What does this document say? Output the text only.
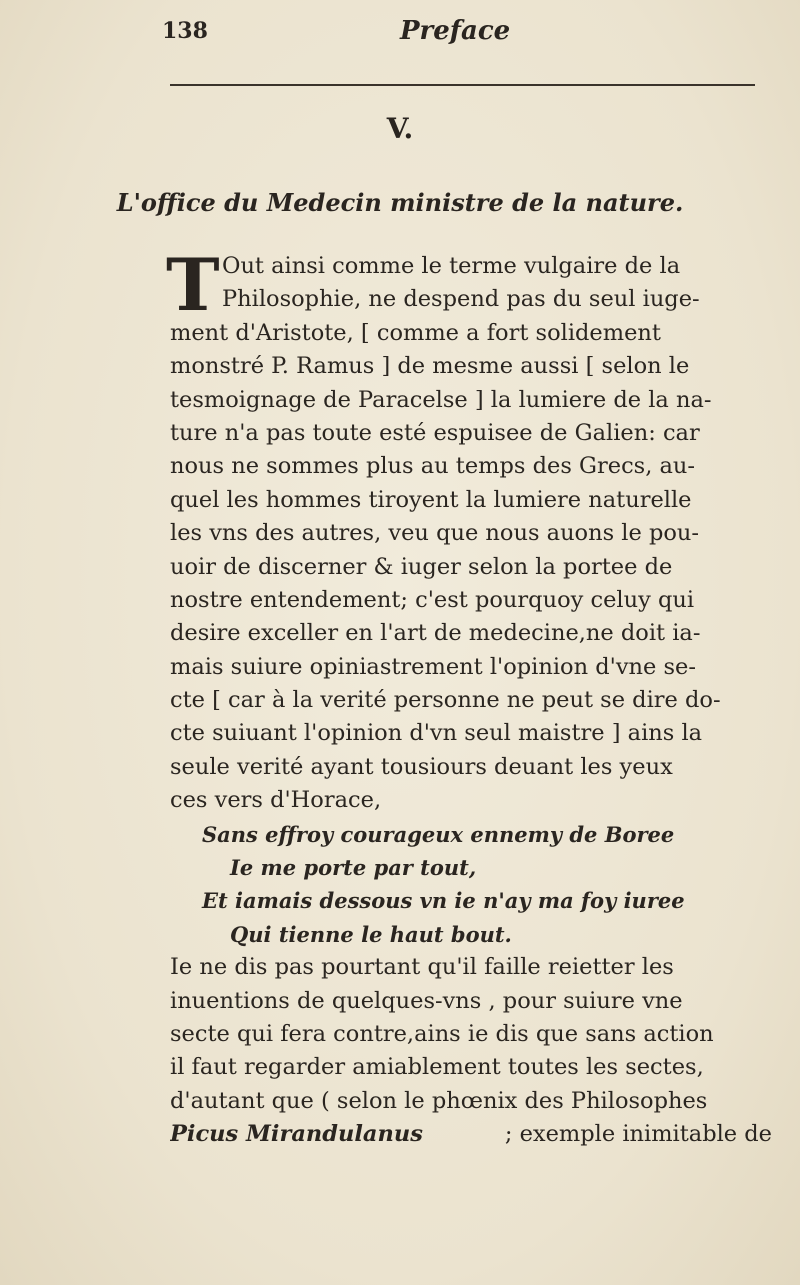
138	Preface
V.
L'office du Medecin ministre de la nature.
T Out ainsi comme le terme vulgaire de la
Philosophie, ne despend pas du seul iuge-
ment d'Aristote, [ comme a fort solidement
monstré P. Ramus ] de mesme aussi [ selon le
tesmoignage de Paracelse ] la lumiere de la na-
ture n'a pas toute esté espuisee de Galien: car
nous ne sommes plus au temps des Grecs, au-
quel les hommes tiroyent la lumiere naturelle
les vns des autres, veu que nous auons le pou-
uoir de discerner & iuger selon la portee de
nostre entendement; c'est pourquoy celuy qui
desire exceller en l'art de medecine,ne doit ia-
mais suiure opiniastrement l'opinion d'vne se-
cte [ car à la verité personne ne peut se dire do-
cte suiuant l'opinion d'vn seul maistre ] ains la
seule verité ayant tousiours deuant les yeux
ces vers d'Horace,
Sans effroy courageux ennemy de Boree
Ie me porte par tout,
Et iamais dessous vn ie n'ay ma foy iuree
Qui tienne le haut bout.
Ie ne dis pas pourtant qu'il faille reietter les
inuentions de quelques-vns , pour suiure vne
secte qui fera contre,ains ie dis que sans action
il faut regarder amiablement toutes les sectes,
d'autant que ( selon le phœnix des Philosophes
Picus Mirandulanus	; exemple inimitable de
